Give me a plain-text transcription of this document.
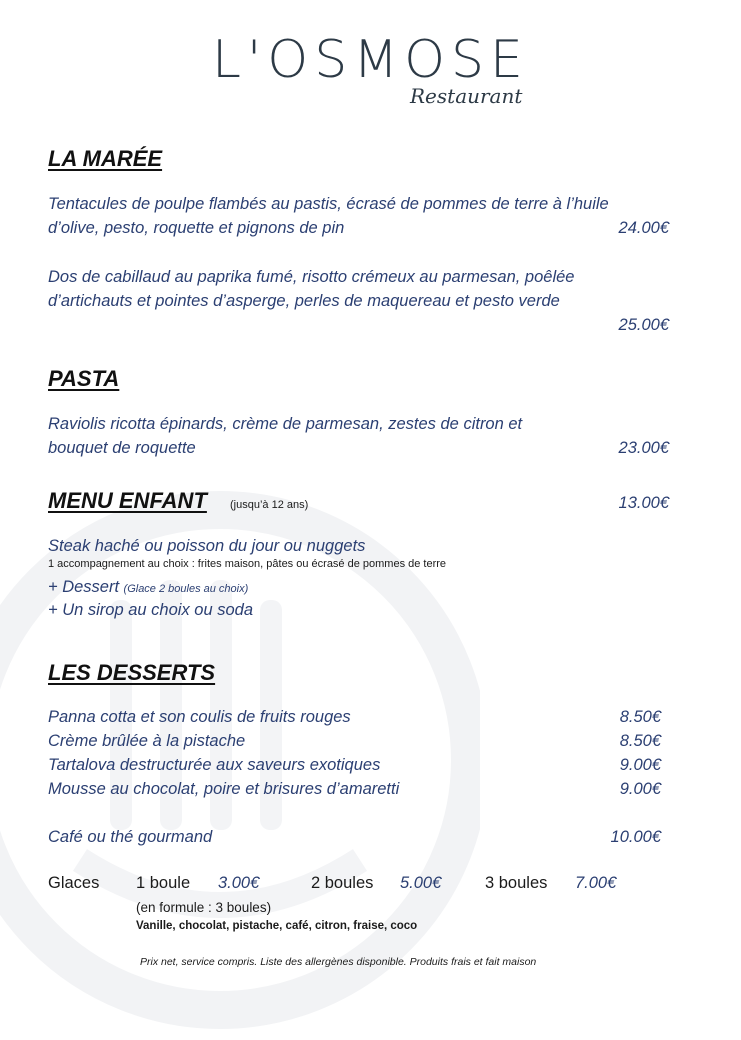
L'OSMOSE
Restaurant
LA MARÉE
Tentacules de poulpe flambés au pastis, écrasé de pommes de terre à l’huile
d’olive, pesto, roquette et pignons de pin	24.00€
Dos de cabillaud au paprika fumé, risotto crémeux au parmesan, poêlée
d’artichauts et pointes d’asperge, perles de maquereau et pesto verde
25.00€
PASTA
Raviolis ricotta épinards, crème de parmesan, zestes de citron et
bouquet de roquette	23.00€
MENU ENFANT (jusqu’à 12 ans)	13.00€
Steak haché ou poisson du jour ou nuggets
1 accompagnement au choix : frites maison, pâtes ou écrasé de pommes de terre
+ Dessert (Glace 2 boules au choix)
+ Un sirop au choix ou soda
LES DESSERTS
Panna cotta et son coulis de fruits rouges	8.50€
Crème brûlée à la pistache	8.50€
Tartalova destructurée aux saveurs exotiques	9.00€
Mousse au chocolat, poire et brisures d’amaretti	9.00€
Café ou thé gourmand	10.00€
Glaces 1 boule 3.00€	2 boules 5.00€	3 boules 7.00€
(en formule : 3 boules)
Vanille, chocolat, pistache, café, citron, fraise, coco
Prix net, service compris. Liste des allergènes disponible. Produits frais et fait maison
